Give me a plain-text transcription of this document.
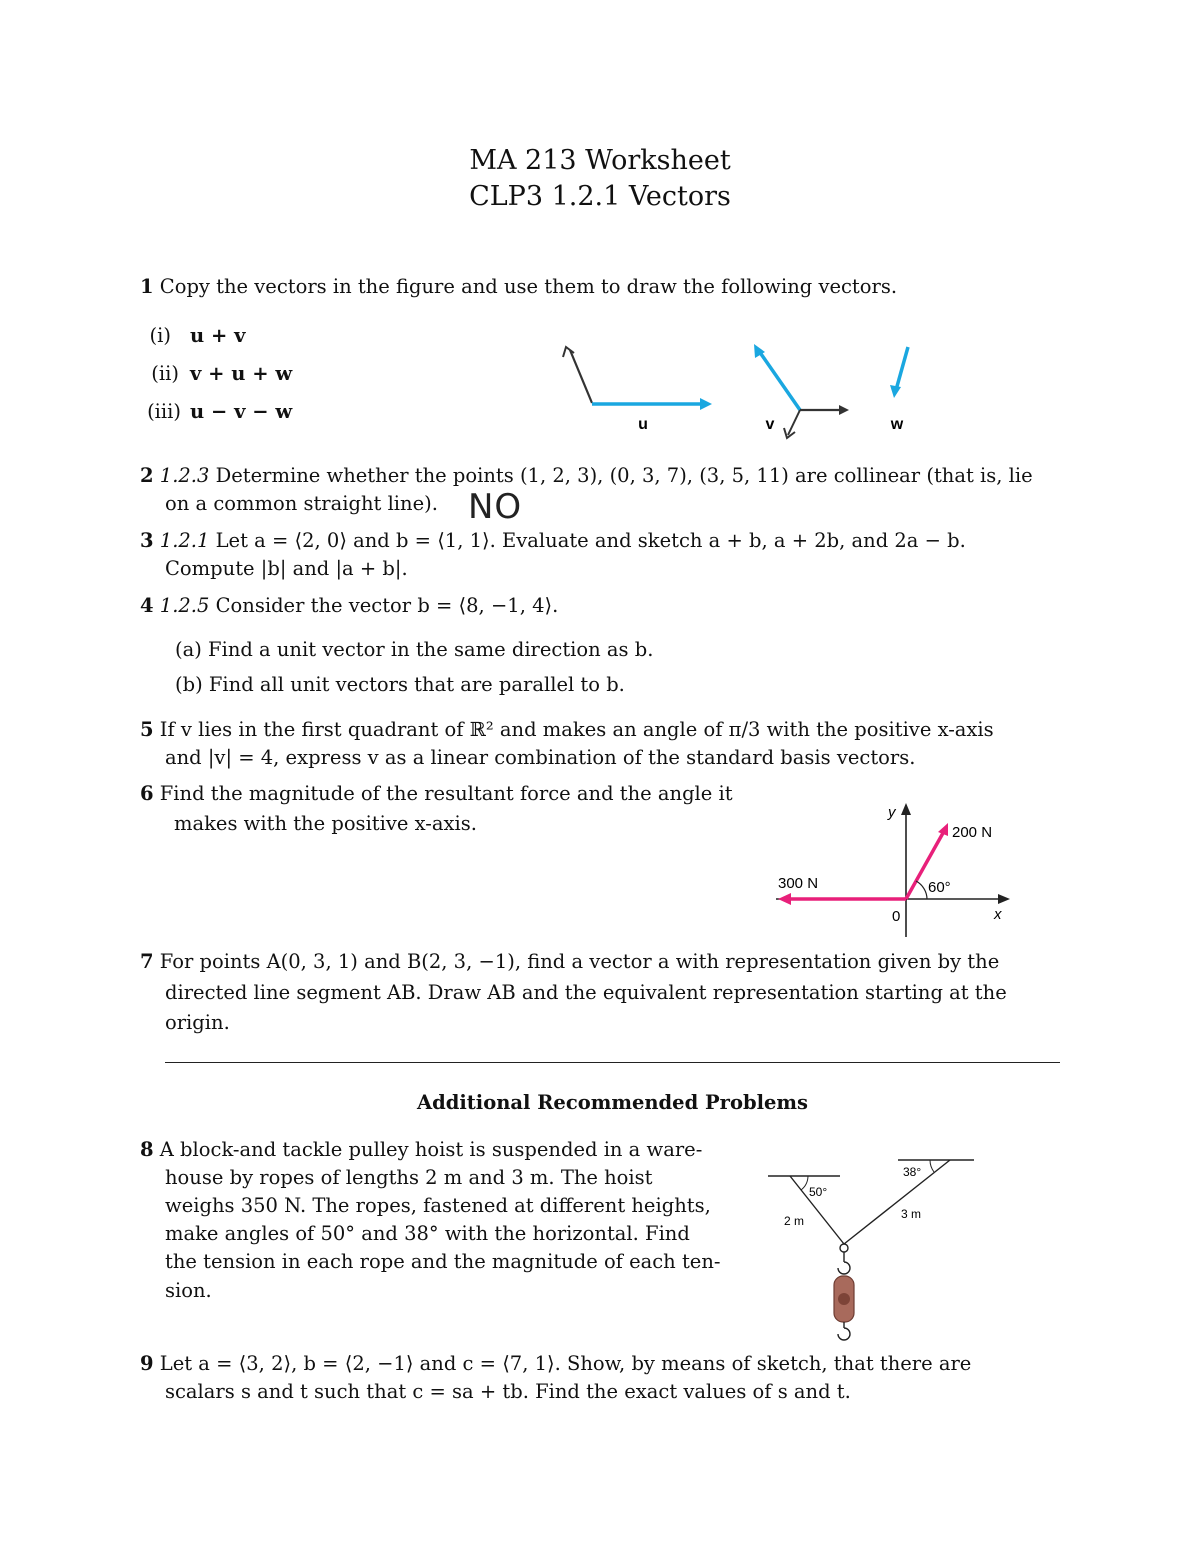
MA 213 Worksheet
CLP3 1.2.1 Vectors
1 Copy the vectors in the figure and use them to draw the following vectors.
(i) u + v
(ii) v + u + w
(iii) u − v − w
u	v	w
2 1.2.3 Determine whether the points (1, 2, 3), (0, 3, 7), (3, 5, 11) are collinear (that is, lie
on a common straight line). NO
3 1.2.1 Let a = ⟨2, 0⟩ and b = ⟨1, 1⟩. Evaluate and sketch a + b, a + 2b, and 2a − b.
Compute |b| and |a + b|.
4 1.2.5 Consider the vector b = ⟨8, −1, 4⟩.
(a) Find a unit vector in the same direction as b.
(b) Find all unit vectors that are parallel to b.
5 If v lies in the first quadrant of ℝ² and makes an angle of π/3 with the positive x-axis
and |v| = 4, express v as a linear combination of the standard basis vectors.
6 Find the magnitude of the resultant force and the angle it
makes with the positive x-axis.	200 N
300 N	60°
0	x
y
7 For points A(0, 3, 1) and B(2, 3, −1), find a vector a with representation given by the
directed line segment AB. Draw AB and the equivalent representation starting at the
origin.
Additional Recommended Problems
8 A block-and tackle pulley hoist is suspended in a ware-
house by ropes of lengths 2 m and 3 m. The hoist
weighs 350 N. The ropes, fastened at different heights,
make angles of 50° and 38° with the horizontal. Find
the tension in each rope and the magnitude of each ten-
sion.
50°
38°
2 m	3 m
9 Let a = ⟨3, 2⟩, b = ⟨2, −1⟩ and c = ⟨7, 1⟩. Show, by means of sketch, that there are
scalars s and t such that c = sa + tb. Find the exact values of s and t.
